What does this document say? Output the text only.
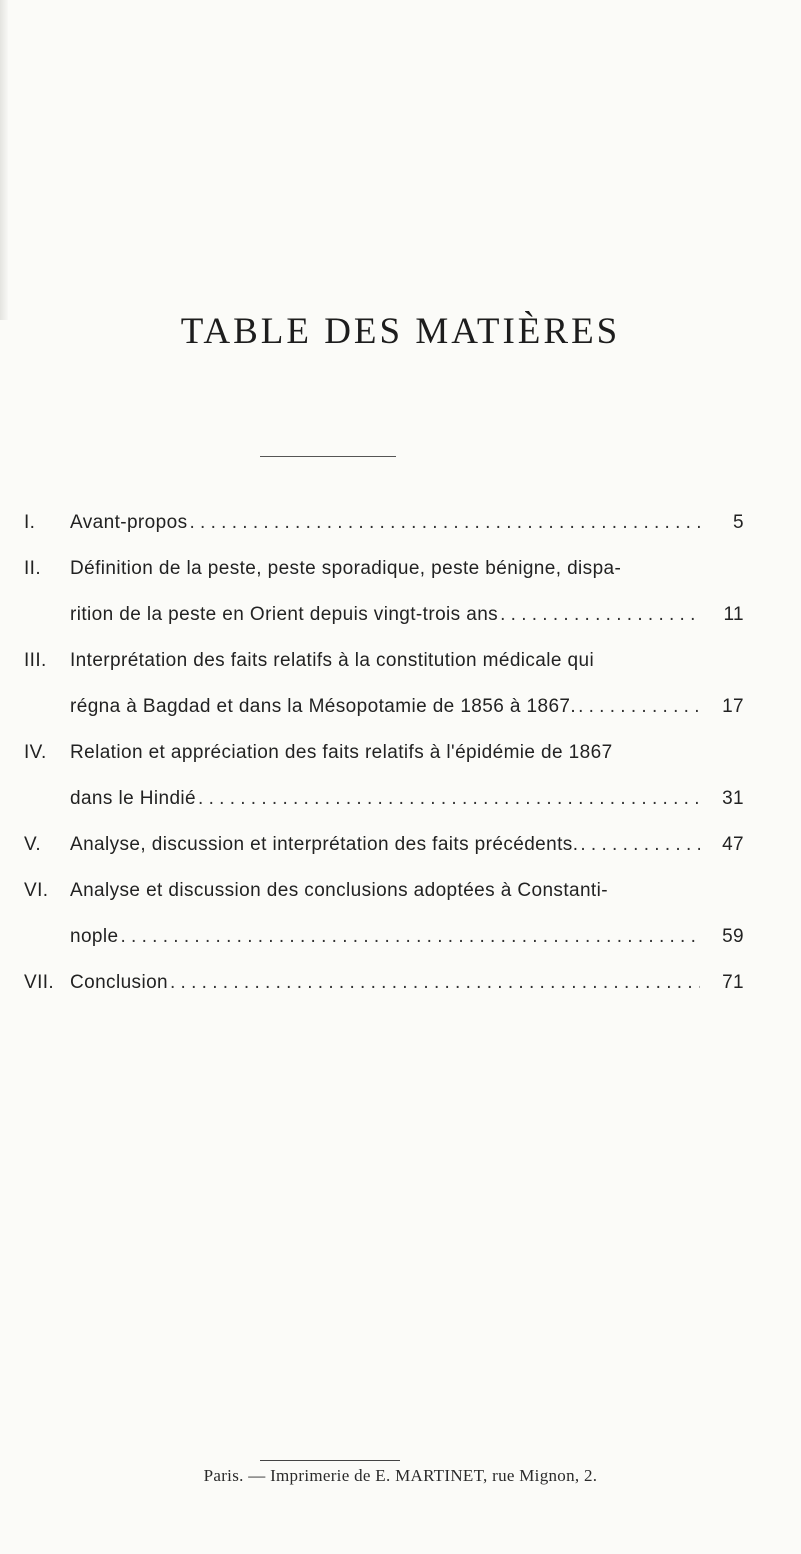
TABLE DES MATIÈRES
I.	Avant-propos . . .	5
II.	Définition de la peste, peste sporadique, peste bénigne, dispa-
rition de la peste en Orient depuis vingt-trois ans . . .	11
III.	Interprétation des faits relatifs à la constitution médicale qui
régna à Bagdad et dans la Mésopotamie de 1856 à 1867. . . .	17
IV.	Relation et appréciation des faits relatifs à l'épidémie de 1867
dans le Hindié . . .	31
V.	Analyse, discussion et interprétation des faits précédents. . . .	47
VI.	Analyse et discussion des conclusions adoptées à Constanti-
nople . . .	59
VII. Conclusion . . .	71
Paris. — Imprimerie de E. MARTINET, rue Mignon, 2.
